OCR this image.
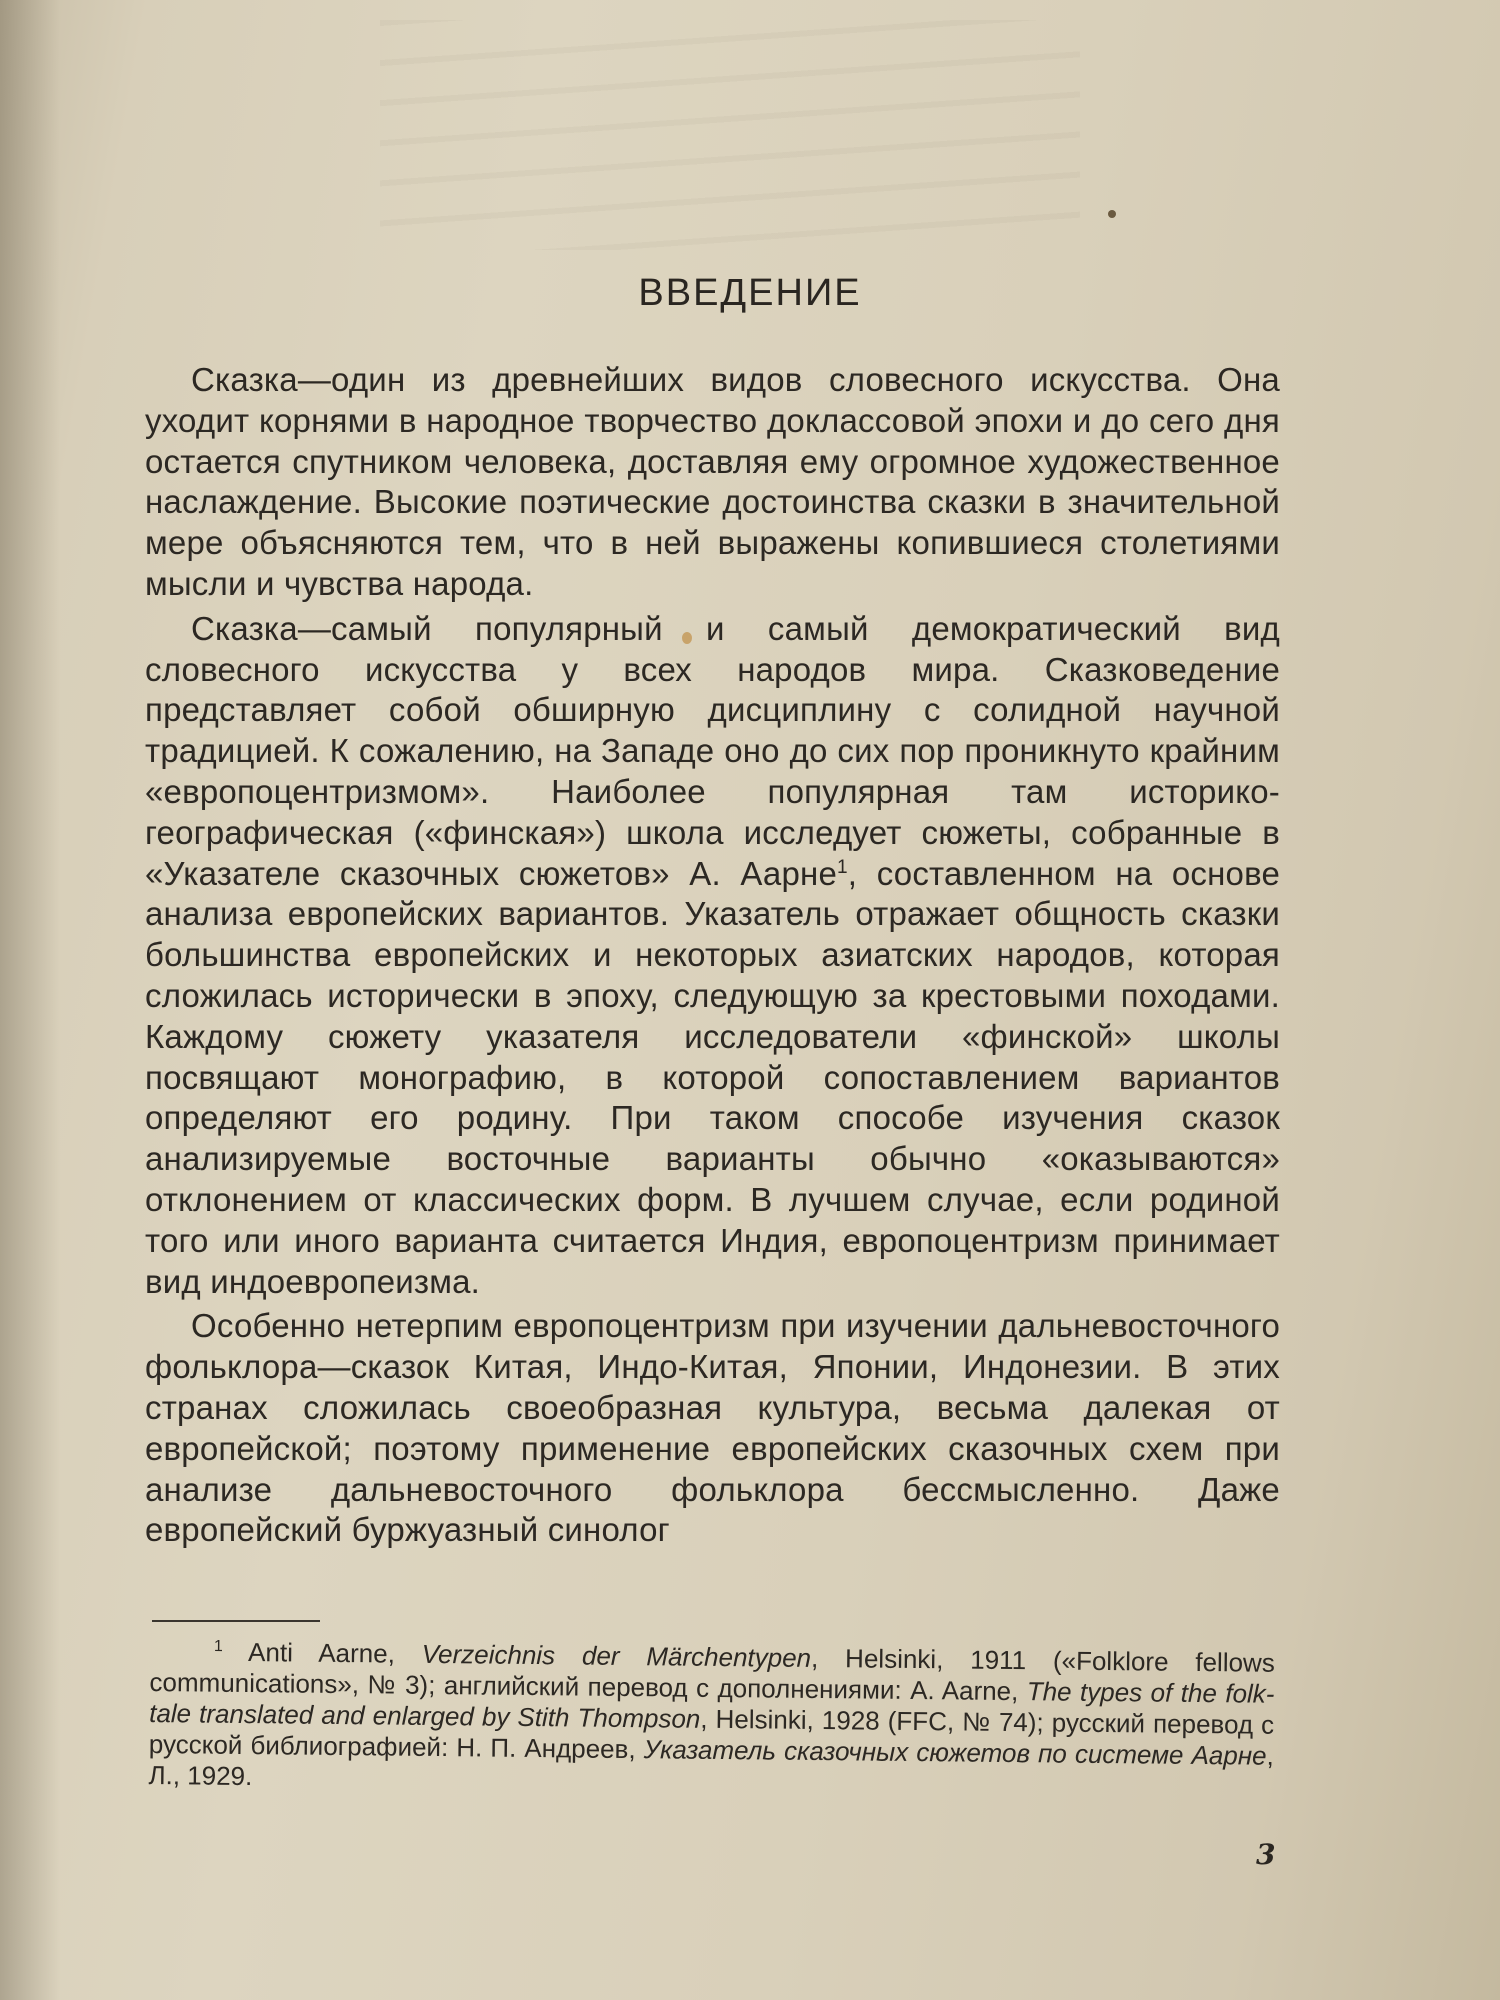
ВВЕДЕНИЕ

Сказка—один из древнейших видов словесного искусства. Она уходит корнями в народное творчество доклассовой эпохи и до сего дня остается спутником человека, доставляя ему огромное художественное наслаждение. Высокие поэтические достоинства сказки в значительной мере объясняются тем, что в ней выражены копившиеся столетиями мысли и чувства народа.

Сказка—самый популярный и самый демократический вид словесного искусства у всех народов мира. Сказковедение представляет собой обширную дисциплину с солидной научной традицией. К сожалению, на Западе оно до сих пор проникнуто крайним «европоцентризмом». Наиболее популярная там историко-географическая («финская») школа исследует сюжеты, собранные в «Указателе сказочных сюжетов» А. Аарне$^1$, составленном на основе анализа европейских вариантов. Указатель отражает общность сказки большинства европейских и некоторых азиатских народов, которая сложилась исторически в эпоху, следующую за крестовыми походами. Каждому сюжету указателя исследователи «финской» школы посвящают монографию, в которой сопоставлением вариантов определяют его родину. При таком способе изучения сказок анализируемые восточные варианты обычно «оказываются» отклонением от классических форм. В лучшем случае, если родиной того или иного варианта считается Индия, европоцентризм принимает вид индоевропеизма.

Особенно нетерпим европоцентризм при изучении дальневосточного фольклора—сказок Китая, Индо-Китая, Японии, Индонезии. В этих странах сложилась своеобразная культура, весьма далекая от европейской; поэтому применение европейских сказочных схем при анализе дальневосточного фольклора бессмысленно. Даже европейский буржуазный синолог

$^1$ Anti Aarne, Verzeichnis der Märchentypen, Helsinki, 1911 («Folklore fellows communications», № 3); английский перевод с дополнениями: A. Aarne, The types of the folk-tale translated and enlarged by Stith Thompson, Helsinki, 1928 (FFC, № 74); русский перевод с русской библиографией: Н. П. Андреев, Указатель сказочных сюжетов по системе Аарне, Л., 1929.

3
